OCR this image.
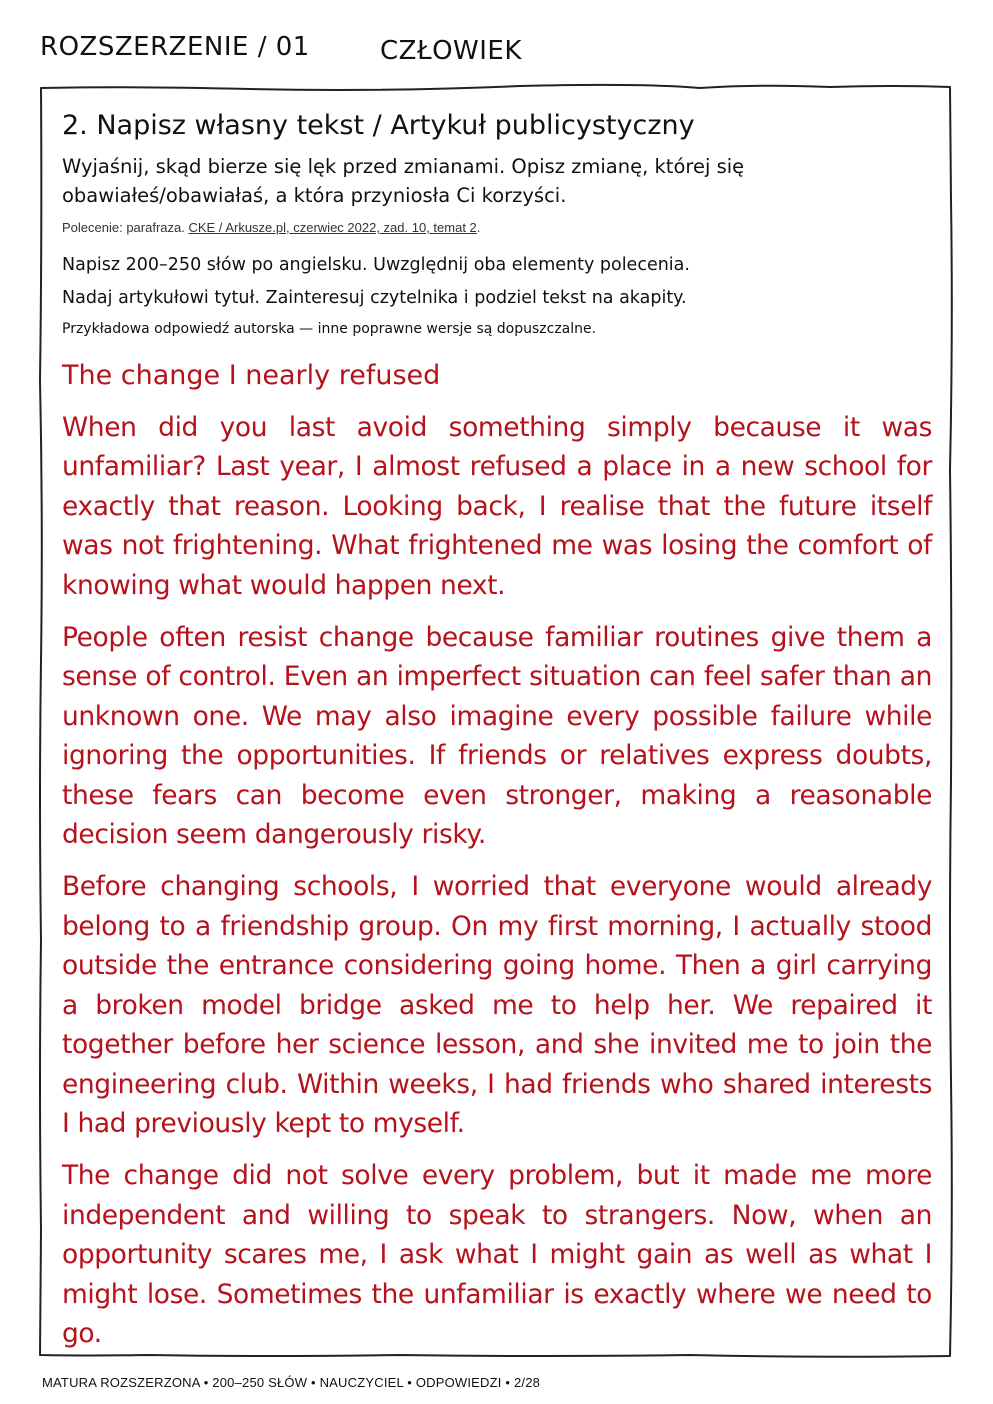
ROZSZERZENIE / 01	CZŁOWIEK
2. Napisz własny tekst / Artykuł publicystyczny
Wyjaśnij, skąd bierze się lęk przed zmianami. Opisz zmianę, której się obawiałeś/obawiałaś, a która przyniosła Ci korzyści.
Polecenie: parafraza. CKE / Arkusze.pl, czerwiec 2022, zad. 10, temat 2.
Napisz 200–250 słów po angielsku. Uwzględnij oba elementy polecenia.
Nadaj artykułowi tytuł. Zainteresuj czytelnika i podziel tekst na akapity.
Przykładowa odpowiedź autorska — inne poprawne wersje są dopuszczalne.
The change I nearly refused
When did you last avoid something simply because it was unfamiliar? Last year, I almost refused a place in a new school for exactly that reason. Looking back, I realise that the future itself was not frightening. What frightened me was losing the comfort of knowing what would happen next.
People often resist change because familiar routines give them a sense of control. Even an imperfect situation can feel safer than an unknown one. We may also imagine every possible failure while ignoring the opportunities. If friends or relatives express doubts, these fears can become even stronger, making a reasonable decision seem dangerously risky.
Before changing schools, I worried that everyone would already belong to a friendship group. On my first morning, I actually stood outside the entrance considering going home. Then a girl carrying a broken model bridge asked me to help her. We repaired it together before her science lesson, and she invited me to join the engineering club. Within weeks, I had friends who shared interests I had previously kept to myself.
The change did not solve every problem, but it made me more independent and willing to speak to strangers. Now, when an opportunity scares me, I ask what I might gain as well as what I might lose. Sometimes the unfamiliar is exactly where we need to go.
MATURA ROZSZERZONA • 200–250 SŁÓW • NAUCZYCIEL • ODPOWIEDZI • 2/28
